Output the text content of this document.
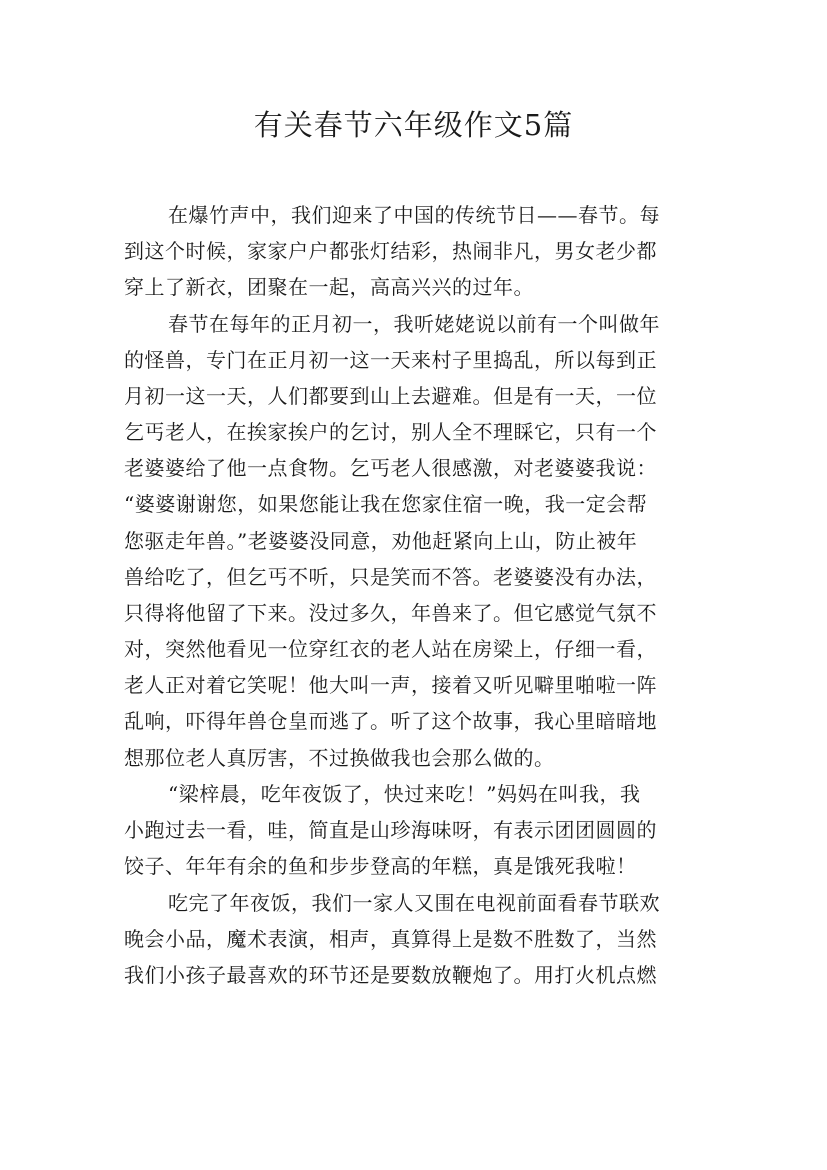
有关春节六年级作文5篇
在爆竹声中，我们迎来了中国的传统节日——春节。每
到这个时候，家家户户都张灯结彩，热闹非凡，男女老少都
穿上了新衣，团聚在一起，高高兴兴的过年。
春节在每年的正月初一，我听姥姥说以前有一个叫做年
的怪兽，专门在正月初一这一天来村子里捣乱，所以每到正
月初一这一天，人们都要到山上去避难。但是有一天，一位
乞丐老人，在挨家挨户的乞讨，别人全不理睬它，只有一个
老婆婆给了他一点食物。乞丐老人很感激，对老婆婆我说：
“婆婆谢谢您，如果您能让我在您家住宿一晚，我一定会帮
您驱走年兽。”老婆婆没同意，劝他赶紧向上山，防止被年
兽给吃了，但乞丐不听，只是笑而不答。老婆婆没有办法，
只得将他留了下来。没过多久，年兽来了。但它感觉气氛不
对，突然他看见一位穿红衣的老人站在房梁上，仔细一看，
老人正对着它笑呢！他大叫一声，接着又听见噼里啪啦一阵
乱响，吓得年兽仓皇而逃了。听了这个故事，我心里暗暗地
想那位老人真厉害，不过换做我也会那么做的。
“梁梓晨，吃年夜饭了，快过来吃！”妈妈在叫我，我
小跑过去一看，哇，简直是山珍海味呀，有表示团团圆圆的
饺子、年年有余的鱼和步步登高的年糕，真是饿死我啦！
吃完了年夜饭，我们一家人又围在电视前面看春节联欢
晚会小品，魔术表演，相声，真算得上是数不胜数了，当然
我们小孩子最喜欢的环节还是要数放鞭炮了。用打火机点燃
